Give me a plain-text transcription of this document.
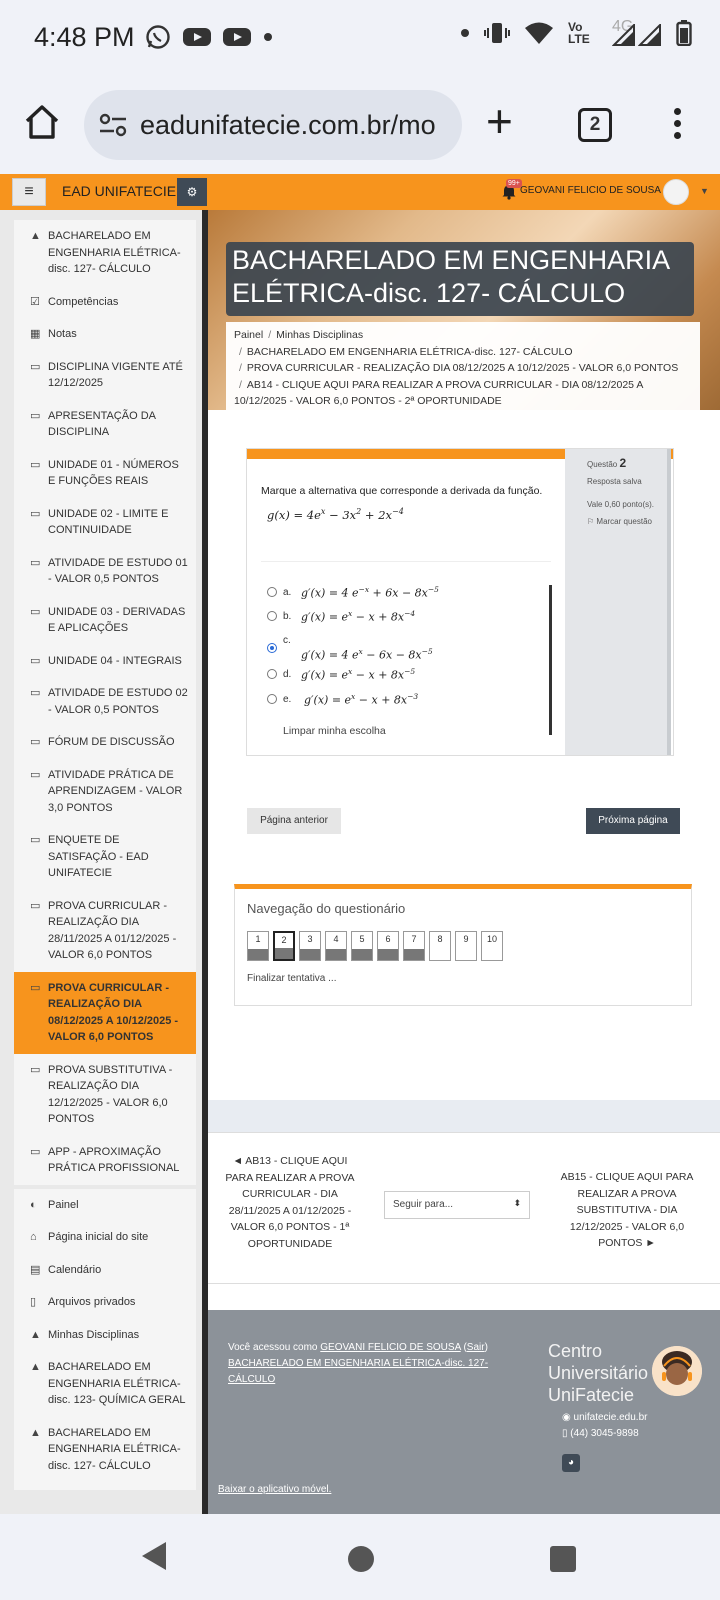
4:48 PM	Vo
LTE
4G
eadunifatecie.com.br/mo +	2
≡	EAD UNIFATECIE ⚙
99+
GEOVANI FELICIO DE SOUSA	▼
▲ BACHARELADO EM ENGENHARIA ELÉTRICA-disc. 127- CÁLCULO
☑ Competências
▦ Notas
▭ DISCIPLINA VIGENTE ATÉ 12/12/2025
▭ APRESENTAÇÃO DA DISCIPLINA
▭ UNIDADE 01 - NÚMEROS E FUNÇÕES REAIS
▭ UNIDADE 02 - LIMITE E CONTINUIDADE
▭ ATIVIDADE DE ESTUDO 01 - VALOR 0,5 PONTOS
▭ UNIDADE 03 - DERIVADAS E APLICAÇÕES
▭ UNIDADE 04 - INTEGRAIS
▭ ATIVIDADE DE ESTUDO 02 - VALOR 0,5 PONTOS
▭ FÓRUM DE DISCUSSÃO
▭ ATIVIDADE PRÁTICA DE APRENDIZAGEM - VALOR 3,0 PONTOS
▭ ENQUETE DE SATISFAÇÃO - EAD UNIFATECIE
▭ PROVA CURRICULAR - REALIZAÇÃO DIA 28/11/2025 A 01/12/2025 - VALOR 6,0 PONTOS
▭ PROVA CURRICULAR - REALIZAÇÃO DIA 08/12/2025 A 10/12/2025 - VALOR 6,0 PONTOS
▭ PROVA SUBSTITUTIVA - REALIZAÇÃO DIA 12/12/2025 - VALOR 6,0 PONTOS
▭ APP - APROXIMAÇÃO PRÁTICA PROFISSIONAL
◐	Painel
⌂	Página inicial do site
▤ Calendário
▯	Arquivos privados
▲ Minhas Disciplinas
▲ BACHARELADO EM ENGENHARIA ELÉTRICA-disc. 123- QUÍMICA GERAL
▲ BACHARELADO EM ENGENHARIA ELÉTRICA-disc. 127- CÁLCULO
BACHARELADO EM ENGENHARIA ELÉTRICA-disc. 127- CÁLCULO
Painel / Minhas Disciplinas
/ BACHARELADO EM ENGENHARIA ELÉTRICA-disc. 127- CÁLCULO
/ PROVA CURRICULAR - REALIZAÇÃO DIA 08/12/2025 A 10/12/2025 - VALOR 6,0 PONTOS
/ AB14 - CLIQUE AQUI PARA REALIZAR A PROVA CURRICULAR - DIA 08/12/2025 A 10/12/2025 - VALOR 6,0 PONTOS - 2ª OPORTUNIDADE
Marque a alternativa que corresponde a derivada da função.
$g(x) = 4e^x - 3x^2 + 2x^{-4}$
a. g′(x) = 4 $e^{-x} + 6x - 8x^{-5}$
b. $g'(x) = e^x - x + 8x^{-4}$
c.
g′(x) = 4 $e^x - 6x - 8x^{-5}$
d. $g'(x) = e^x - x + 8x^{-5}$
e.	$g'(x) = e^x - x + 8x^{-3}$
Limpar minha escolha
Questão 2
Resposta salva
Vale 0,60 ponto(s).
⚐ Marcar questão
Página anterior	Próxima página
Navegação do questionário
1	2	3	4	5	6	7	8	9	10
Finalizar tentativa ...
◄ AB13 - CLIQUE AQUI PARA REALIZAR A PROVA CURRICULAR - DIA 28/11/2025 A 01/12/2025 - VALOR 6,0 PONTOS - 1ª OPORTUNIDADE
Seguir para...	⬍
AB15 - CLIQUE AQUI PARA REALIZAR A PROVA SUBSTITUTIVA - DIA 12/12/2025 - VALOR 6,0 PONTOS ►
Você acessou como GEOVANI FELICIO DE SOUSA (Sair)
BACHARELADO EM ENGENHARIA ELÉTRICA-disc. 127- CÁLCULO
Centro
Universitário
UniFatecie
◉ unifatecie.edu.br
▯ (44) 3045-9898
◕
Baixar o aplicativo móvel.
